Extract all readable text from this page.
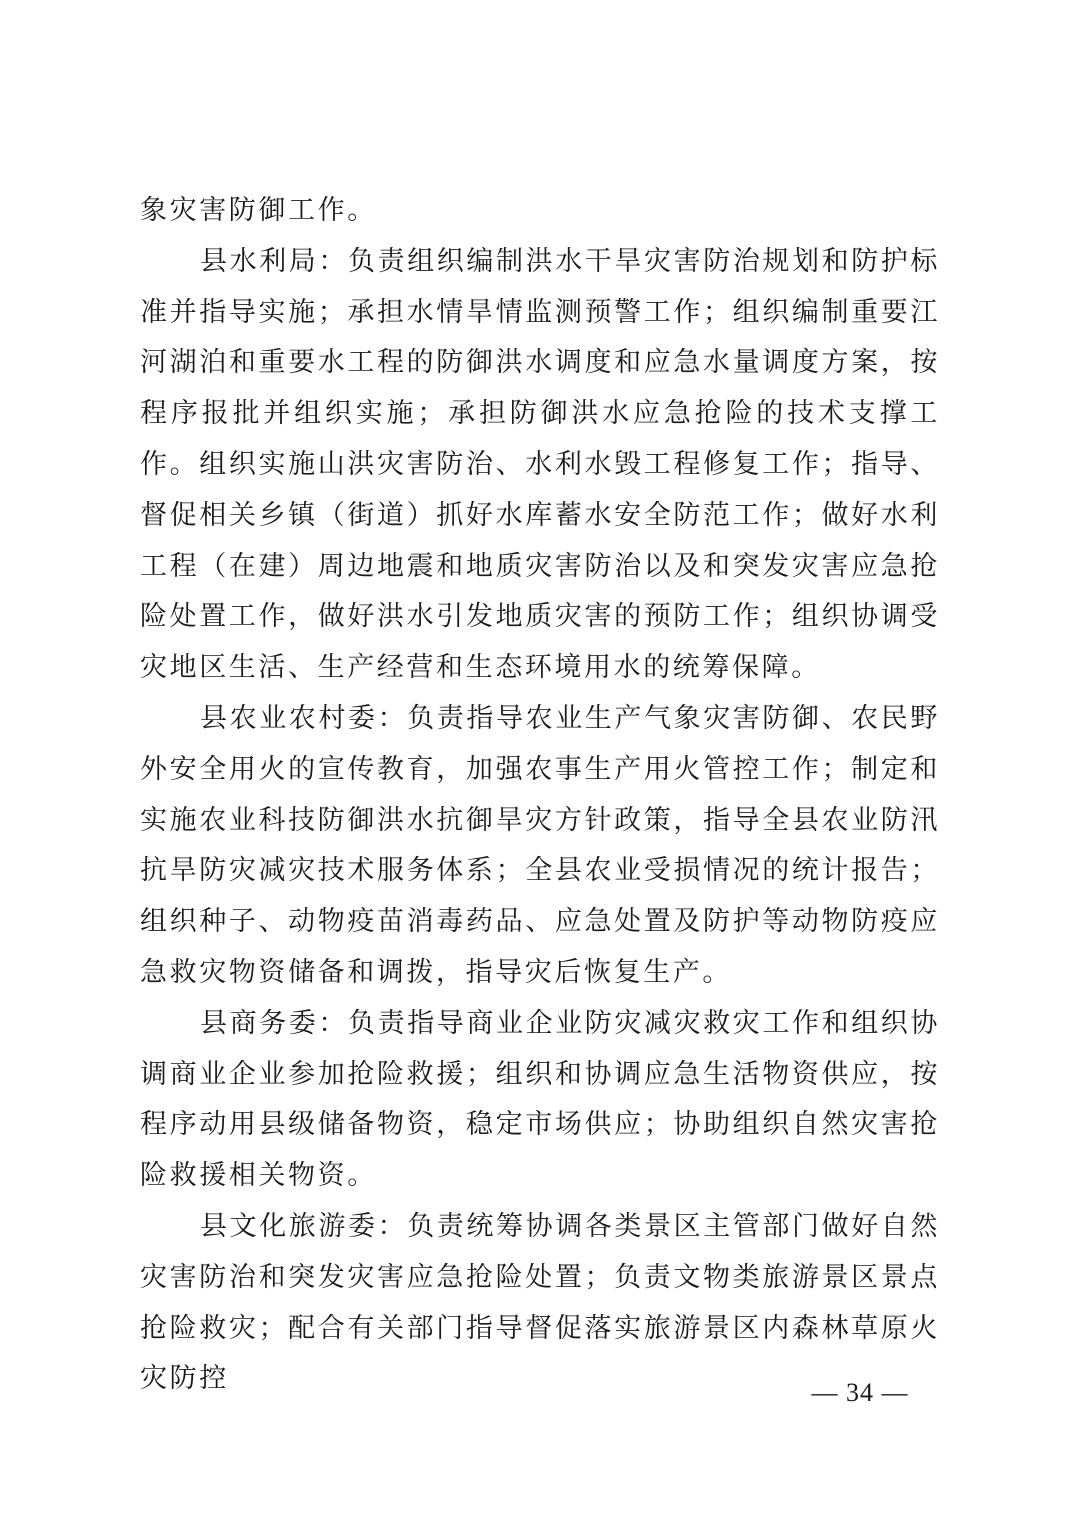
象灾害防御工作。

县水利局：负责组织编制洪水干旱灾害防治规划和防护标准并指导实施；承担水情旱情监测预警工作；组织编制重要江河湖泊和重要水工程的防御洪水调度和应急水量调度方案，按程序报批并组织实施；承担防御洪水应急抢险的技术支撑工作。组织实施山洪灾害防治、水利水毁工程修复工作；指导、督促相关乡镇（街道）抓好水库蓄水安全防范工作；做好水利工程（在建）周边地震和地质灾害防治以及和突发灾害应急抢险处置工作，做好洪水引发地质灾害的预防工作；组织协调受灾地区生活、生产经营和生态环境用水的统筹保障。

县农业农村委：负责指导农业生产气象灾害防御、农民野外安全用火的宣传教育，加强农事生产用火管控工作；制定和实施农业科技防御洪水抗御旱灾方针政策，指导全县农业防汛抗旱防灾减灾技术服务体系；全县农业受损情况的统计报告；组织种子、动物疫苗消毒药品、应急处置及防护等动物防疫应急救灾物资储备和调拨，指导灾后恢复生产。

县商务委：负责指导商业企业防灾减灾救灾工作和组织协调商业企业参加抢险救援；组织和协调应急生活物资供应，按程序动用县级储备物资，稳定市场供应；协助组织自然灾害抢险救援相关物资。

县文化旅游委：负责统筹协调各类景区主管部门做好自然灾害防治和突发灾害应急抢险处置；负责文物类旅游景区景点抢险救灾；配合有关部门指导督促落实旅游景区内森林草原火灾防控	— 34 —
